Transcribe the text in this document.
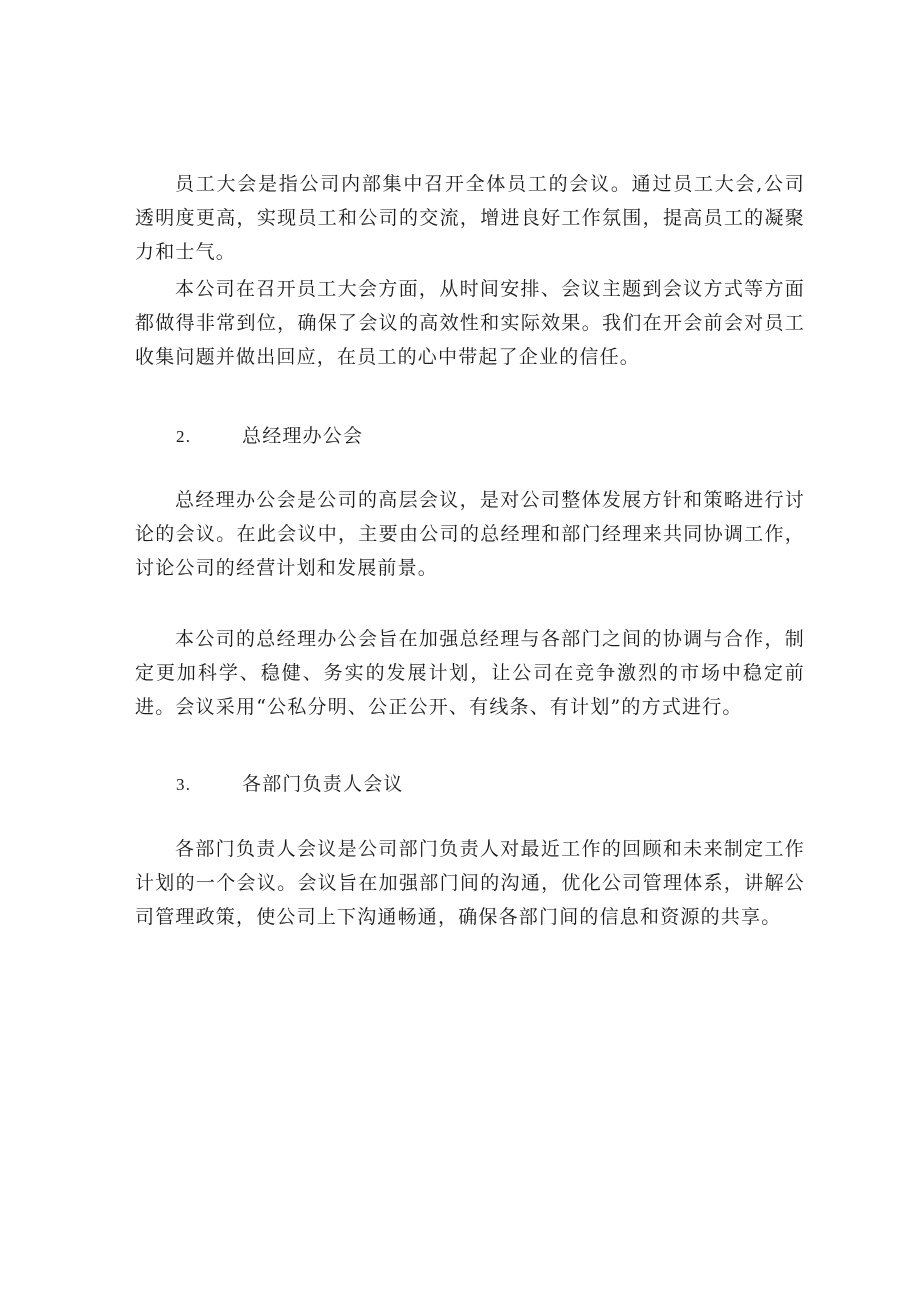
员工大会是指公司内部集中召开全体员工的会议。通过员工大会,公司透明度更高，实现员工和公司的交流，增进良好工作氛围，提高员工的凝聚力和士气。

本公司在召开员工大会方面，从时间安排、会议主题到会议方式等方面都做得非常到位，确保了会议的高效性和实际效果。我们在开会前会对员工收集问题并做出回应，在员工的心中带起了企业的信任。

2.	总经理办公会

总经理办公会是公司的高层会议，是对公司整体发展方针和策略进行讨论的会议。在此会议中，主要由公司的总经理和部门经理来共同协调工作，讨论公司的经营计划和发展前景。

本公司的总经理办公会旨在加强总经理与各部门之间的协调与合作，制定更加科学、稳健、务实的发展计划，让公司在竞争激烈的市场中稳定前进。会议采用“公私分明、公正公开、有线条、有计划”的方式进行。

3.	各部门负责人会议

各部门负责人会议是公司部门负责人对最近工作的回顾和未来制定工作计划的一个会议。会议旨在加强部门间的沟通，优化公司管理体系，讲解公司管理政策，使公司上下沟通畅通，确保各部门间的信息和资源的共享。
